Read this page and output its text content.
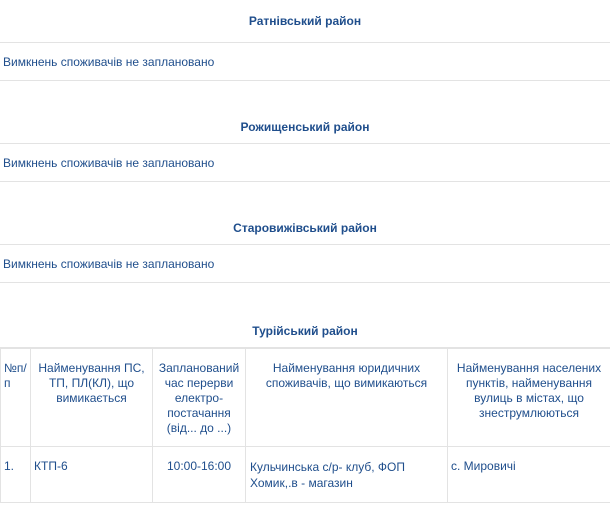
Ратнівський район
Вимкнень споживачів не заплановано
Рожищенський район
Вимкнень споживачів не заплановано
Старовижівський район
Вимкнень споживачів не заплановано
Турійський район
№п/п	Найменування ПС, ТП, ПЛ(КЛ), що вимикається	Запланований час перерви електро-постачання (від... до ...)	Найменування юридичних споживачів, що вимикаються	Найменування населених пунктів, найменування вулиць в містах, що знеструмлюються
1.	КТП-6	10:00-16:00	Кульчинська с/р- клуб, ФОП Хомик,.в - магазин	с. Мировичі
